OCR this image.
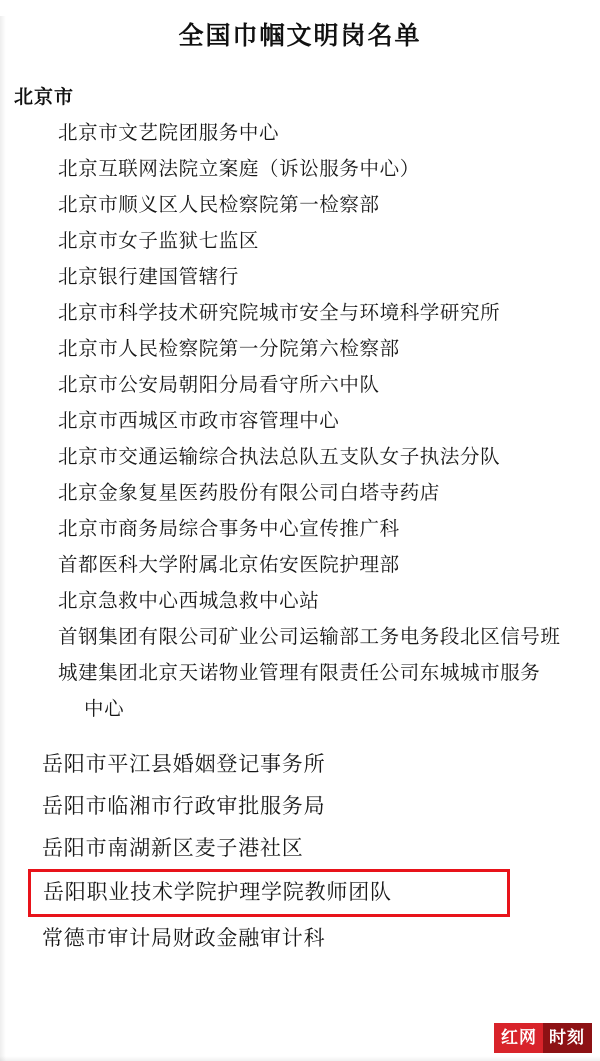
全国巾帼文明岗名单
北京市
北京市文艺院团服务中心
北京互联网法院立案庭（诉讼服务中心）
北京市顺义区人民检察院第一检察部
北京市女子监狱七监区
北京银行建国管辖行
北京市科学技术研究院城市安全与环境科学研究所
北京市人民检察院第一分院第六检察部
北京市公安局朝阳分局看守所六中队
北京市西城区市政市容管理中心
北京市交通运输综合执法总队五支队女子执法分队
北京金象复星医药股份有限公司白塔寺药店
北京市商务局综合事务中心宣传推广科
首都医科大学附属北京佑安医院护理部
北京急救中心西城急救中心站
首钢集团有限公司矿业公司运输部工务电务段北区信号班
城建集团北京天诺物业管理有限责任公司东城城市服务
中心
岳阳市平江县婚姻登记事务所
岳阳市临湘市行政审批服务局
岳阳市南湖新区麦子港社区
岳阳职业技术学院护理学院教师团队
常德市审计局财政金融审计科
红网 时刻
